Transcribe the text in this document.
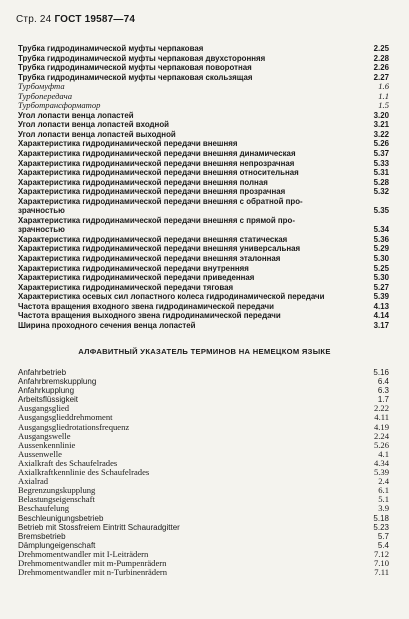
Стр. 24 ГОСТ 19587—74
Трубка гидродинамической муфты черпаковая	2.25
Трубка гидродинамической муфты черпаковая двухсторонняя	2.28
Трубка гидродинамической муфты черпаковая поворотная	2.26
Трубка гидродинамической муфты черпаковая скользящая	2.27
Турбомуфта	1.6
Турбопередача	1.1
Турботрансформатор	1.5
Угол лопасти венца лопастей	3.20
Угол лопасти венца лопастей входной	3.21
Угол лопасти венца лопастей выходной	3.22
Характеристика гидродинамической передачи внешняя	5.26
Характеристика гидродинамической передачи внешняя динамическая	5.37
Характеристика гидродинамической передачи внешняя непрозрачная	5.33
Характеристика гидродинамической передачи внешняя относительная	5.31
Характеристика гидродинамической передачи внешняя полная	5.28
Характеристика гидродинамической передачи внешняя прозрачная	5.32
Характеристика гидродинамической передачи внешняя с обратной про-
зрачностью	5.35
Характеристика гидродинамической передачи внешняя с прямой про-
зрачностью	5.34
Характеристика гидродинамической передачи внешняя статическая	5.36
Характеристика гидродинамической передачи внешняя универсальная	5.29
Характеристика гидродинамической передачи внешняя эталонная	5.30
Характеристика гидродинамической передачи внутренняя	5.25
Характеристика гидродинамической передачи приведенная	5.30
Характеристика гидродинамической передачи тяговая	5.27
Характеристика осевых сил лопастного колеса гидродинамической передачи	5.39
Частота вращения входного звена гидродинамической передачи	4.13
Частота вращения выходного звена гидродинамической передачи	4.14
Ширина проходного сечения венца лопастей	3.17
АЛФАВИТНЫЙ УКАЗАТЕЛЬ ТЕРМИНОВ НА НЕМЕЦКОМ ЯЗЫКЕ
Anfahrbetrieb	5.16
Anfahrbremskupplung	6.4
Anfahrkupplung	6.3
Arbeitsflüssigkeit	1.7
Ausgangsglied	2.22
Ausgangsglieddrehmoment	4.11
Ausgangsgliedrotationsfrequenz	4.19
Ausgangswelle	2.24
Aussenkennlinie	5.26
Aussenwelle	4.1
Axialkraft des Schaufelrades	4.34
Axialkraftkennlinie des Schaufelrades	5.39
Axialrad	2.4
Begrenzungskupplung	6.1
Belastungseigenschaft	5.1
Beschaufelung	3.9
Beschleunigungsbetrieb	5.18
Betrieb mit Stossfreiem Eintritt Schauradgitter	5.23
Bremsbetrieb	5.7
Dämplungeigenschaft	5.4
Drehmomentwandler mit I-Leiträdern	7.12
Drehmomentwandler mit m-Pumpenrädern	7.10
Drehmomentwandler mit n-Turbinenrädern	7.11
